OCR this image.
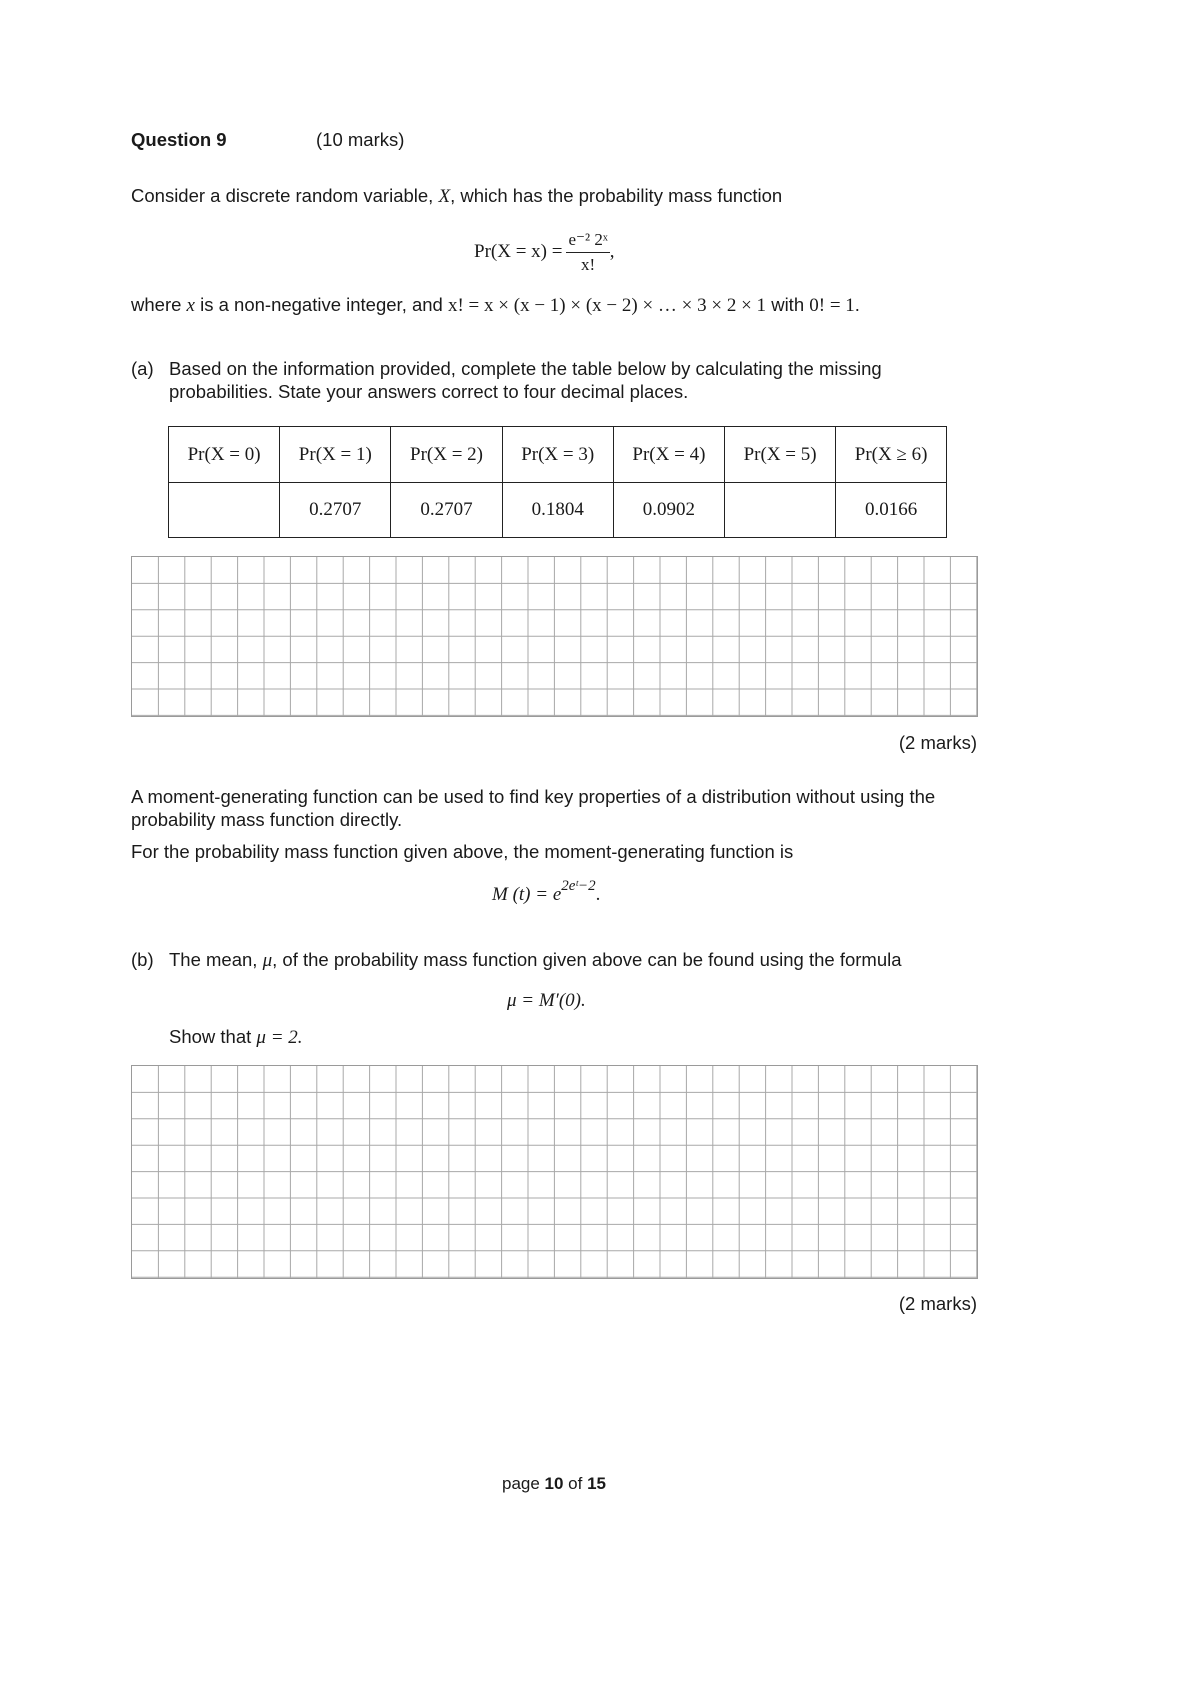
Question 9	(10 marks)
Consider a discrete random variable, X, which has the probability mass function
$Pr(X = x) = \frac{\text{e⁻² 2ˣ}}{x!}$ ,
where x is a non-negative integer, and x! = x × (x − 1) × (x − 2) × … × 3 × 2 × 1 with 0! = 1.
(a) Based on the information provided, complete the table below by calculating the missing
probabilities. State your answers correct to four decimal places.
Pr(X = 0)	Pr(X = 1)	Pr(X = 2)	Pr(X = 3)	Pr(X = 4)	Pr(X = 5)	Pr(X ≥ 6)
	0.2707	0.2707	0.1804	0.0902		0.0166
(2 marks)
A moment-generating function can be used to find key properties of a distribution without using the
probability mass function directly.
For the probability mass function given above, the moment-generating function is
M (t) = e2eᵗ−2.
(b) The mean, μ, of the probability mass function given above can be found using the formula
μ = M′(0).
Show that μ = 2.
(2 marks)
page 10 of 15
